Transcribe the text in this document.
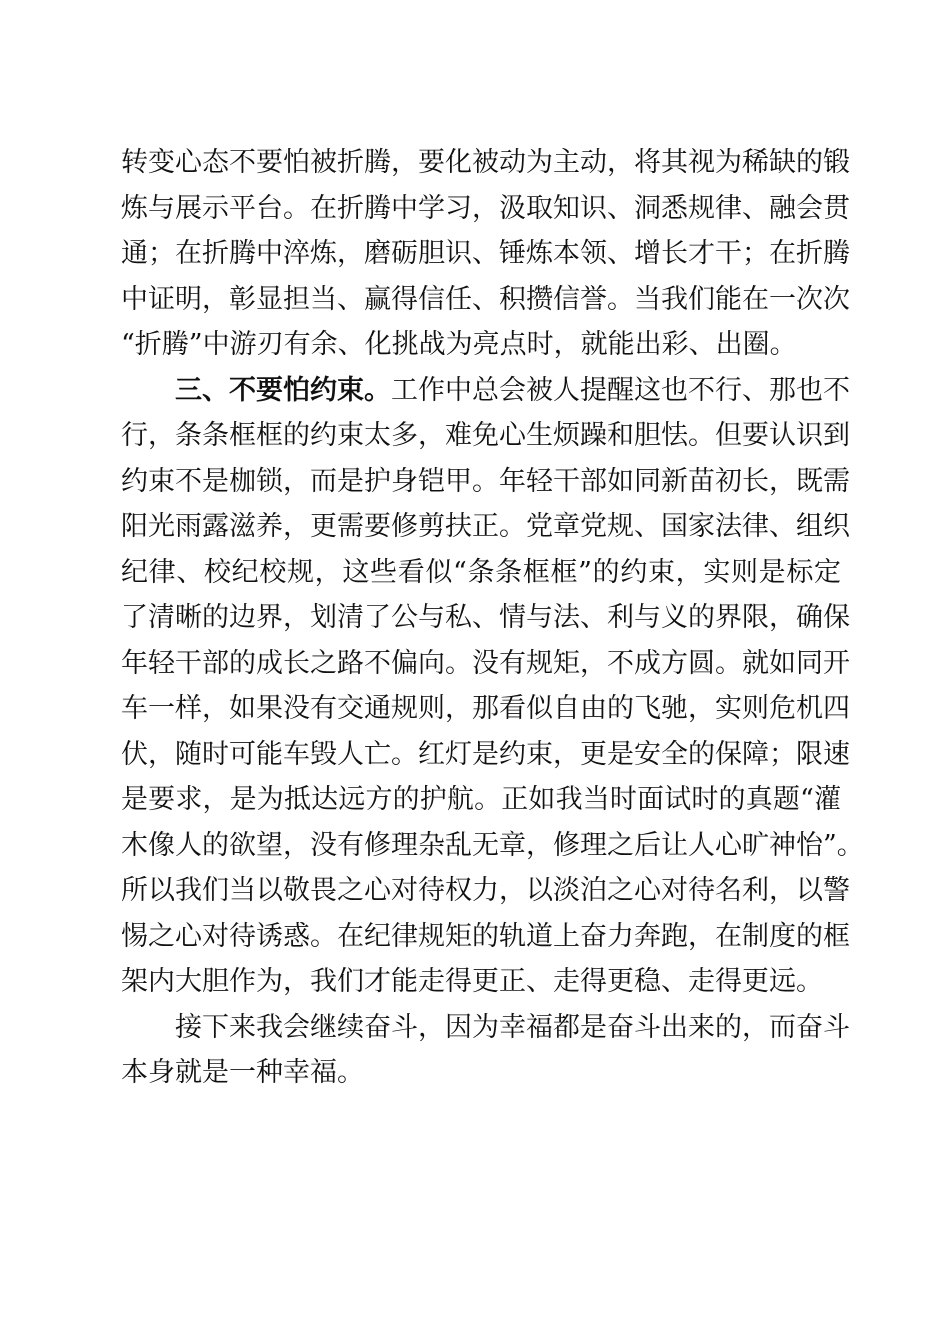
转变心态不要怕被折腾，要化被动为主动，将其视为稀缺的锻
炼与展示平台。在折腾中学习，汲取知识、洞悉规律、融会贯
通；在折腾中淬炼，磨砺胆识、锤炼本领、增长才干；在折腾
中证明，彰显担当、赢得信任、积攒信誉。当我们能在一次次
“折腾”中游刃有余、化挑战为亮点时，就能出彩、出圈。
三、不要怕约束。工作中总会被人提醒这也不行、那也不
行，条条框框的约束太多，难免心生烦躁和胆怯。但要认识到
约束不是枷锁，而是护身铠甲。年轻干部如同新苗初长，既需
阳光雨露滋养，更需要修剪扶正。党章党规、国家法律、组织
纪律、校纪校规，这些看似“条条框框”的约束，实则是标定
了清晰的边界，划清了公与私、情与法、利与义的界限，确保
年轻干部的成长之路不偏向。没有规矩，不成方圆。就如同开
车一样，如果没有交通规则，那看似自由的飞驰，实则危机四
伏，随时可能车毁人亡。红灯是约束，更是安全的保障；限速
是要求，是为抵达远方的护航。正如我当时面试时的真题“灌
木像人的欲望，没有修理杂乱无章，修理之后让人心旷神怡”。
所以我们当以敬畏之心对待权力，以淡泊之心对待名利，以警
惕之心对待诱惑。在纪律规矩的轨道上奋力奔跑，在制度的框
架内大胆作为，我们才能走得更正、走得更稳、走得更远。
接下来我会继续奋斗，因为幸福都是奋斗出来的，而奋斗
本身就是一种幸福。
